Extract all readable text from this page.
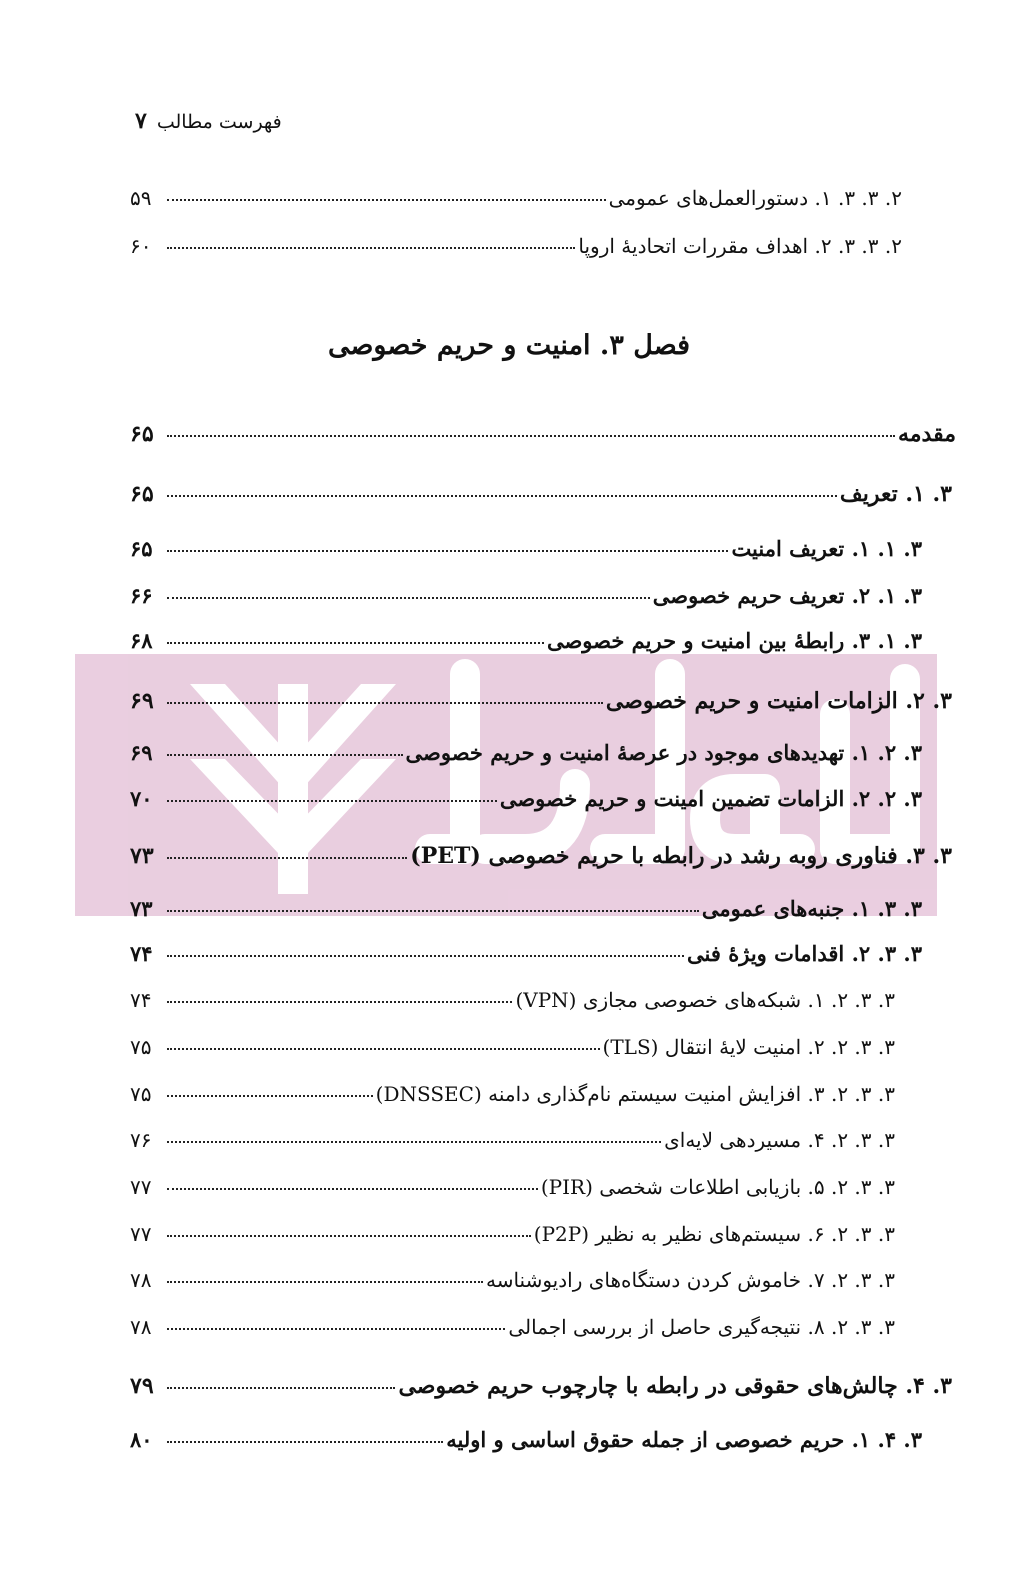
فهرست مطالب
۷
۲. ۳. ۳. ۱. دستورالعمل‌های عمومی
۵۹
۲. ۳. ۳. ۲. اهداف مقررات اتحادیهٔ اروپا
۶۰
فصل ۳. امنیت و حریم خصوصی
مقدمه
۶۵
۳. ۱. تعریف
۶۵
۳. ۱. ۱. تعریف امنیت
۶۵
۳. ۱. ۲. تعریف حریم خصوصی
۶۶
۳. ۱. ۳. رابطهٔ بین امنیت و حریم خصوصی
۶۸
۳. ۲. الزامات امنیت و حریم خصوصی
۶۹
۳. ۲. ۱. تهدیدهای موجود در عرصهٔ امنیت و حریم خصوصی
۶۹
۳. ۲. ۲. الزامات تضمین امینت و حریم خصوصی
۷۰
۳. ۳. فناوری روبه رشد در رابطه با حریم خصوصی (PET)
۷۳
۳. ۳. ۱. جنبه‌های عمومی
۷۳
۳. ۳. ۲. اقدامات ویژهٔ فنی
۷۴
۳. ۳. ۲. ۱. شبکه‌های خصوصی مجازی (VPN)
۷۴
۳. ۳. ۲. ۲. امنیت لایهٔ انتقال (TLS)
۷۵
۳. ۳. ۲. ۳. افزایش امنیت سیستم نام‌گذاری دامنه (DNSSEC)
۷۵
۳. ۳. ۲. ۴. مسیردهی لایه‌ای
۷۶
۳. ۳. ۲. ۵. بازیابی اطلاعات شخصی (PIR)
۷۷
۳. ۳. ۲. ۶. سیستم‌های نظیر به نظیر (P2P)
۷۷
۳. ۳. ۲. ۷. خاموش کردن دستگاه‌های رادیوشناسه
۷۸
۳. ۳. ۲. ۸. نتیجه‌گیری حاصل از بررسی اجمالی
۷۸
۳. ۴. چالش‌های حقوقی در رابطه با چارچوب حریم خصوصی
۷۹
۳. ۴. ۱. حریم خصوصی از جمله حقوق اساسی و اولیه
۸۰
